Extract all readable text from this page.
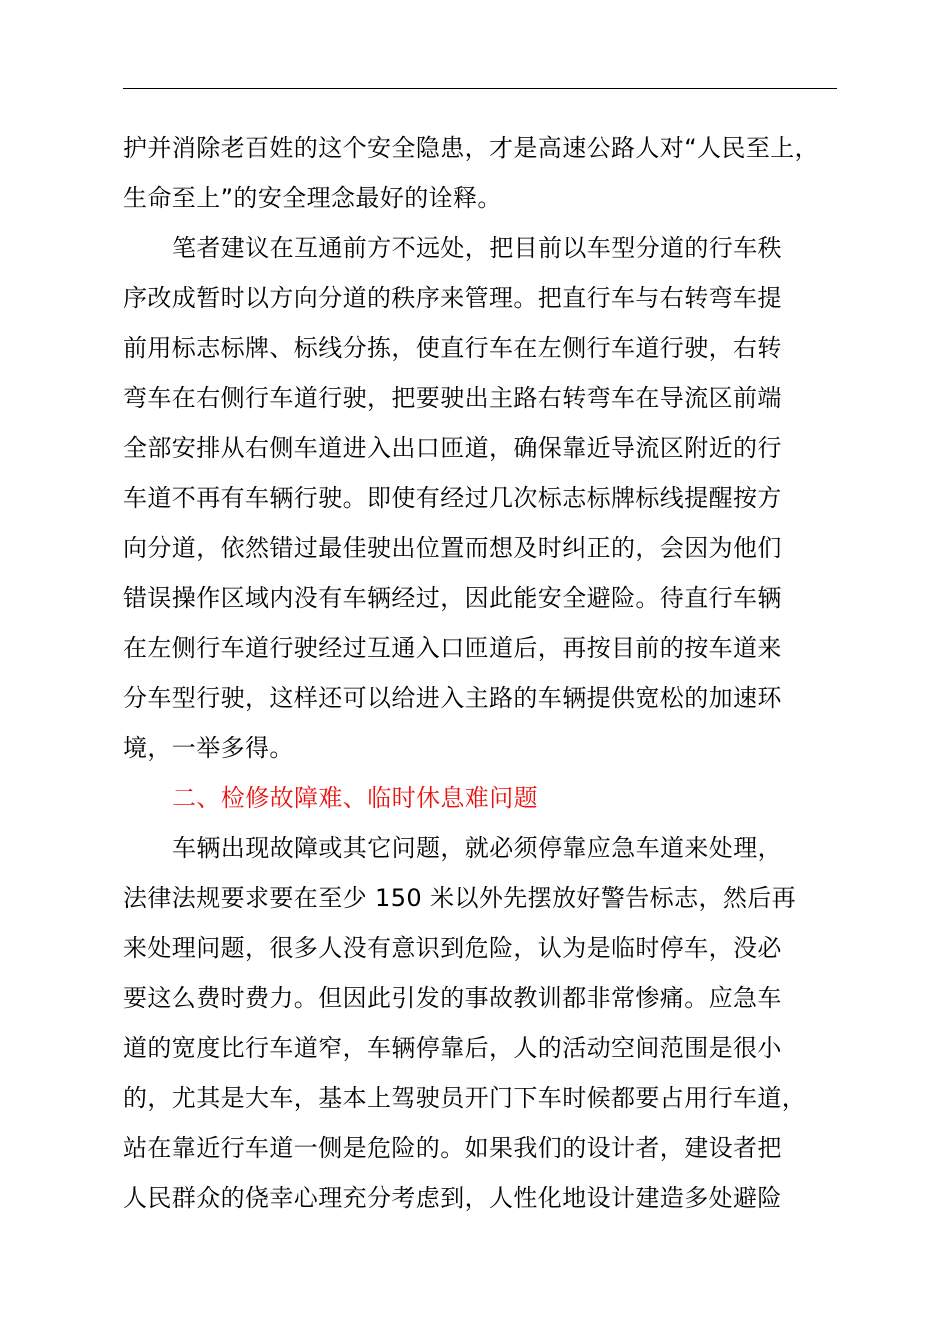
护并消除老百姓的这个安全隐患，才是高速公路人对“人民至上，
生命至上”的安全理念最好的诠释。
笔者建议在互通前方不远处，把目前以车型分道的行车秩
序改成暂时以方向分道的秩序来管理。把直行车与右转弯车提
前用标志标牌、标线分拣，使直行车在左侧行车道行驶，右转
弯车在右侧行车道行驶，把要驶出主路右转弯车在导流区前端
全部安排从右侧车道进入出口匝道，确保靠近导流区附近的行
车道不再有车辆行驶。即使有经过几次标志标牌标线提醒按方
向分道，依然错过最佳驶出位置而想及时纠正的，会因为他们
错误操作区域内没有车辆经过，因此能安全避险。待直行车辆
在左侧行车道行驶经过互通入口匝道后，再按目前的按车道来
分车型行驶，这样还可以给进入主路的车辆提供宽松的加速环
境，一举多得。
二、检修故障难、临时休息难问题
车辆出现故障或其它问题，就必须停靠应急车道来处理，
法律法规要求要在至少 150 米以外先摆放好警告标志，然后再
来处理问题，很多人没有意识到危险，认为是临时停车，没必
要这么费时费力。但因此引发的事故教训都非常惨痛。应急车
道的宽度比行车道窄，车辆停靠后，人的活动空间范围是很小
的，尤其是大车，基本上驾驶员开门下车时候都要占用行车道，
站在靠近行车道一侧是危险的。如果我们的设计者，建设者把
人民群众的侥幸心理充分考虑到，人性化地设计建造多处避险
